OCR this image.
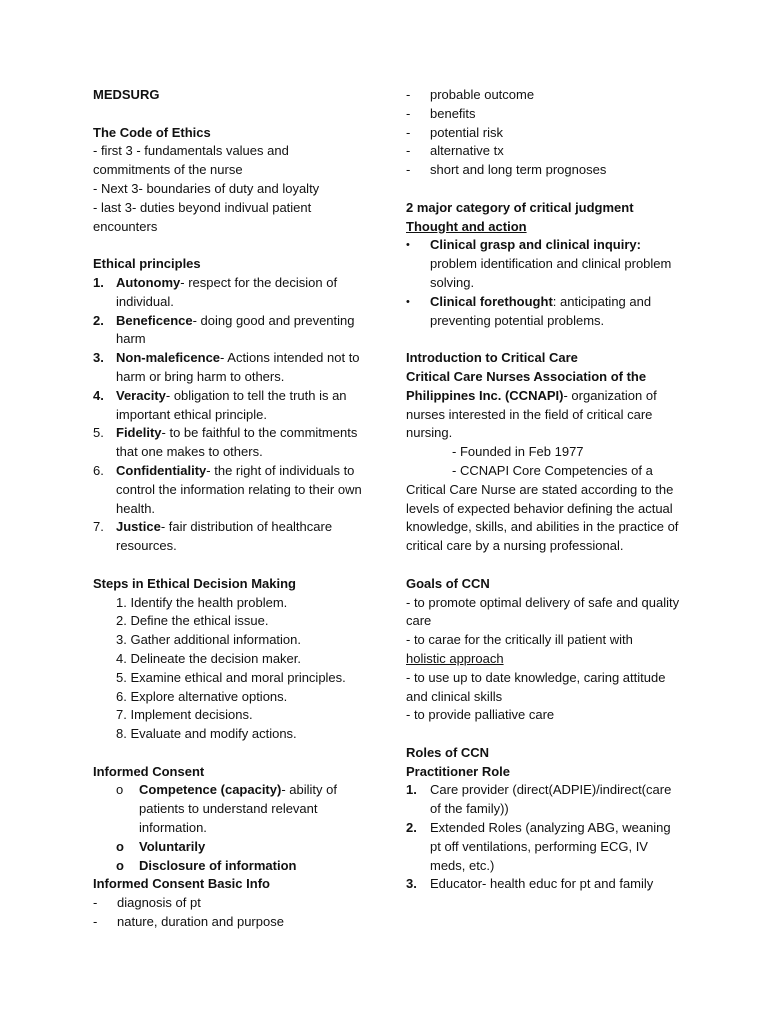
MEDSURG
The Code of Ethics
- first 3 - fundamentals values and commitments of the nurse
- Next 3- boundaries of duty and loyalty
- last 3- duties beyond indivual patient encounters
Ethical principles
1. Autonomy- respect for the decision of individual.
2. Beneficence- doing good and preventing harm
3. Non-maleficence- Actions intended not to harm or bring harm to others.
4. Veracity- obligation to tell the truth is an important ethical principle.
5. Fidelity- to be faithful to the commitments that one makes to others.
6. Confidentiality- the right of individuals to control the information relating to their own health.
7. Justice- fair distribution of healthcare resources.
Steps in Ethical Decision Making
1. Identify the health problem.
2. Define the ethical issue.
3. Gather additional information.
4. Delineate the decision maker.
5. Examine ethical and moral principles.
6. Explore alternative options.
7. Implement decisions.
8. Evaluate and modify actions.
Informed Consent
o	Competence (capacity)- ability of patients to understand relevant information.
o	Voluntarily
o	Disclosure of information
Informed Consent Basic Info
-	diagnosis of pt
-	nature, duration and purpose
-	probable outcome
-	benefits
-	potential risk
-	alternative tx
-	short and long term prognoses
2 major category of critical judgment
Thought and action
•	Clinical grasp and clinical inquiry: problem identification and clinical problem solving.
•	Clinical forethought: anticipating and preventing potential problems.
Introduction to Critical Care
Critical Care Nurses Association of the Philippines Inc. (CCNAPI)- organization of nurses interested in the field of critical care nursing.
- Founded in Feb 1977
- CCNAPI Core Competencies of a Critical Care Nurse are stated according to the levels of expected behavior defining the actual knowledge, skills, and abilities in the practice of critical care by a nursing professional.
Goals of CCN
- to promote optimal delivery of safe and quality care
- to carae for the critically ill patient with
holistic approach
- to use up to date knowledge, caring attitude and clinical skills
- to provide palliative care
Roles of CCN
Practitioner Role
1.	Care provider (direct(ADPIE)/indirect(care of the family))
2.	Extended Roles (analyzing ABG, weaning pt off ventilations, performing ECG, IV meds, etc.)
3.	Educator- health educ for pt and family
